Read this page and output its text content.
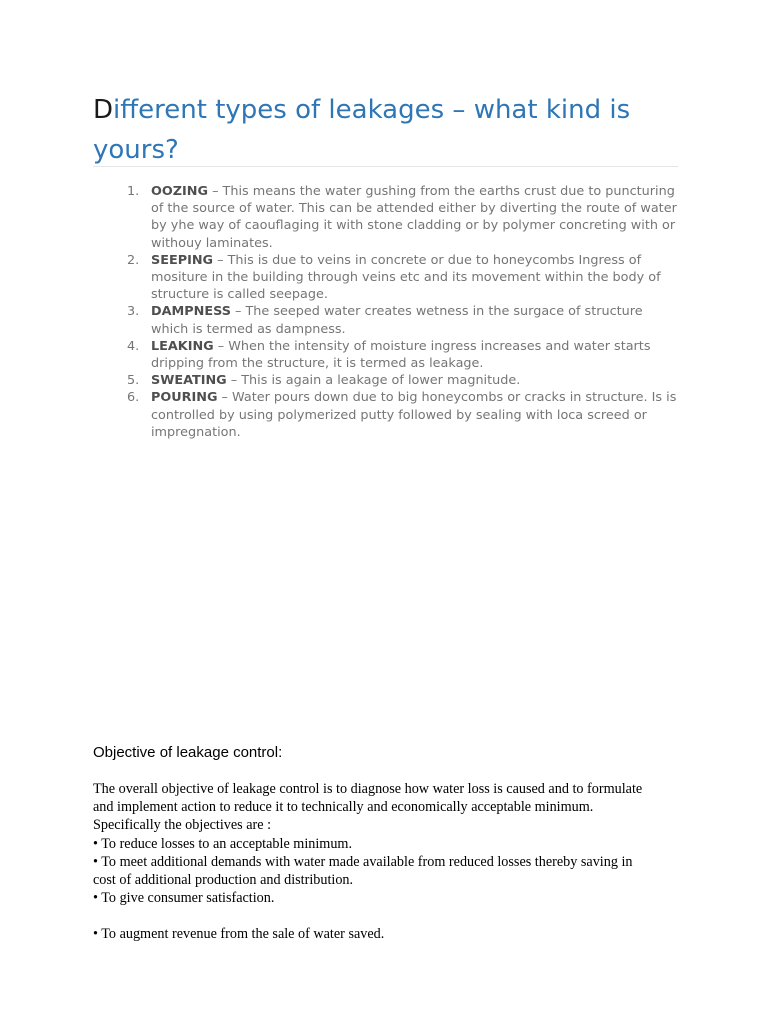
Different types of leakages – what kind is yours?
1. OOZING – This means the water gushing from the earths crust due to puncturing of the source of water. This can be attended either by diverting the route of water by yhe way of caouflaging it with stone cladding or by polymer concreting with or withouy laminates.
2. SEEPING – This is due to veins in concrete or due to honeycombs Ingress of mositure in the building through veins etc and its movement within the body of structure is called seepage.
3. DAMPNESS – The seeped water creates wetness in the surgace of structure which is termed as dampness.
4. LEAKING – When the intensity of moisture ingress increases and water starts dripping from the structure, it is termed as leakage.
5. SWEATING – This is again a leakage of lower magnitude.
6. POURING – Water pours down due to big honeycombs or cracks in structure. Is is controlled by using polymerized putty followed by sealing with loca screed or impregnation.
Objective of leakage control:

The overall objective of leakage control is to diagnose how water loss is caused and to formulate and implement action to reduce it to technically and economically acceptable minimum. Specifically the objectives are :

• To reduce losses to an acceptable minimum.

• To meet additional demands with water made available from reduced losses thereby saving in cost of additional production and distribution.

• To give consumer satisfaction.

• To augment revenue from the sale of water saved.
